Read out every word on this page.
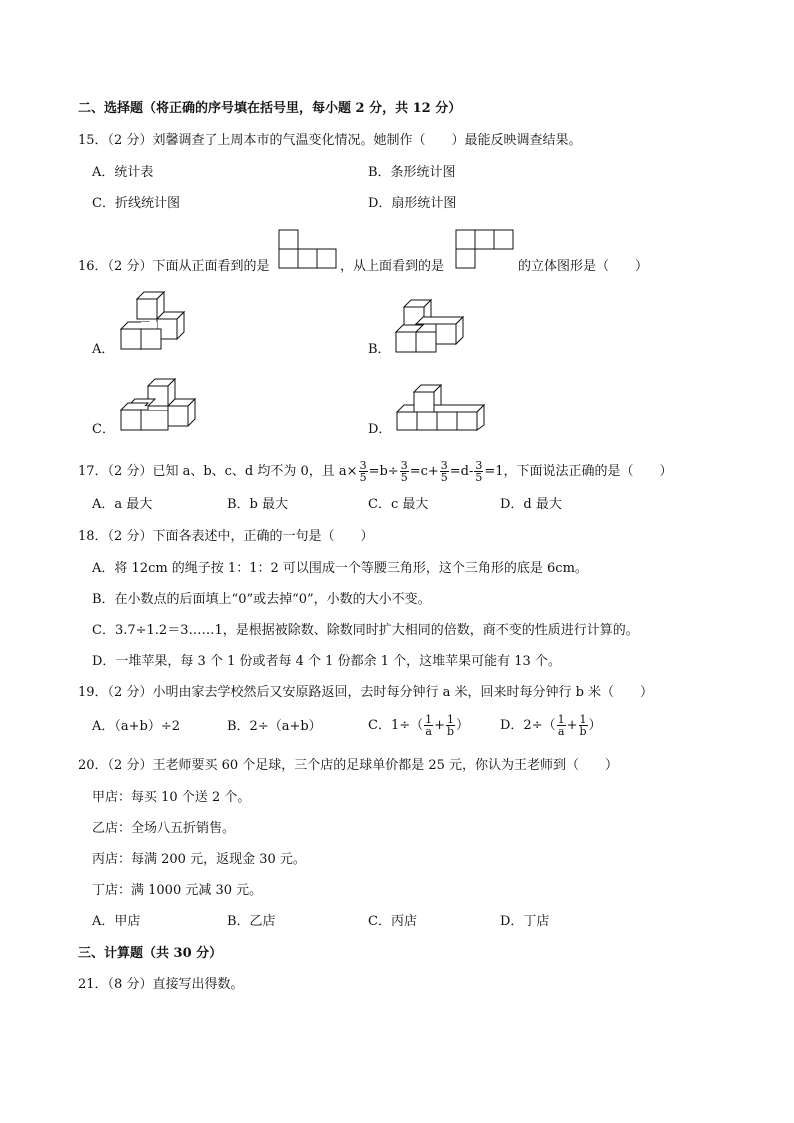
二、选择题（将正确的序号填在括号里，每小题 2 分，共 12 分）
15．（2 分）刘馨调查了上周本市的气温变化情况。她制作（　　）最能反映调查结果。
A．统计表	B．条形统计图
C．折线统计图	D．扇形统计图
16．（2 分）下面从正面看到的是	，从上面看到的是	的立体图形是（　　）
A．	B．
C．	D．
17．（2 分）已知 a、b、c、d 均不为 0，且 $a\times \frac{3}{5} =b\div \frac{3}{5} =c+ \frac{3}{5} =d- \frac{3}{5} =1$，下面说法正确的是（　　）
A．a 最大	B．b 最大	C．c 最大	D．d 最大
18．（2 分）下面各表述中，正确的一句是（　　）
A．将 12cm 的绳子按 1：1：2 可以围成一个等腰三角形，这个三角形的底是 6cm。
B．在小数点的后面填上“0”或去掉“0”，小数的大小不变。
C．3.7÷1.2＝3……1，是根据被除数、除数同时扩大相同的倍数，商不变的性质进行计算的。
D．一堆苹果，每 3 个 1 份或者每 4 个 1 份都余 1 个，这堆苹果可能有 13 个。
19．（2 分）小明由家去学校然后又安原路返回，去时每分钟行 a 米，回来时每分钟行 b 米（　　）
A．（a+b）÷2	B．2÷（a+b）	C．$1\div( \frac{1}{a} + \frac{1}{b}$ ） D．$2\div( \frac{1}{a} + \frac{1}{b}$ ）
20．（2 分）王老师要买 60 个足球，三个店的足球单价都是 25 元，你认为王老师到（　　）
甲店：每买 10 个送 2 个。
乙店：全场八五折销售。
丙店：每满 200 元，返现金 30 元。
丁店：满 1000 元减 30 元。
A．甲店	B．乙店	C．丙店	D．丁店
三、计算题（共 30 分）
21．（8 分）直接写出得数。
